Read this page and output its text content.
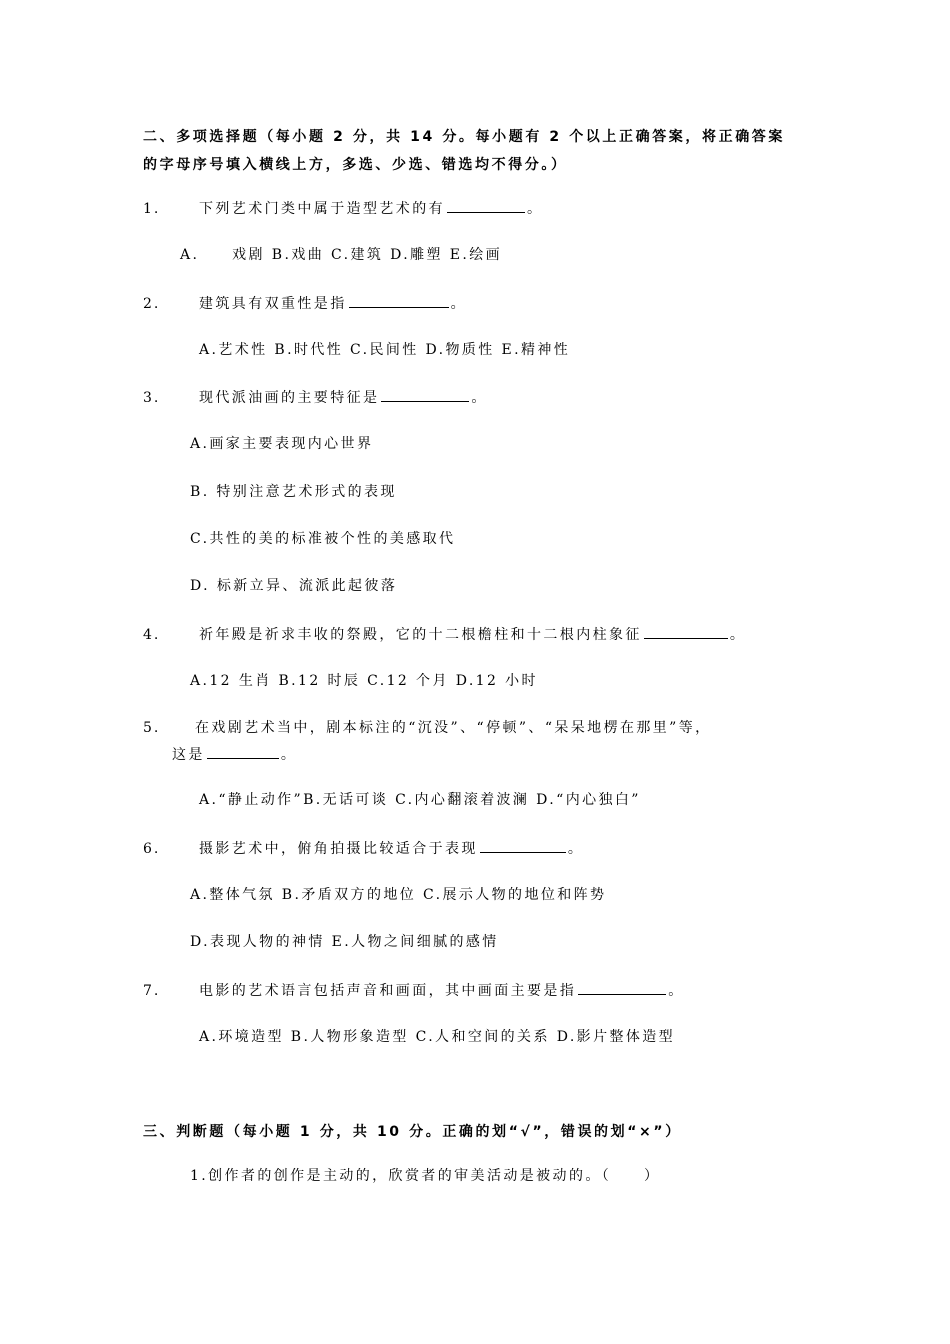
二、多项选择题（每小题 2 分，共 14 分。每小题有 2 个以上正确答案，将正确答案
的字母序号填入横线上方，多选、少选、错选均不得分。）
1.	下列艺术门类中属于造型艺术的有	。
A.　　戏剧 B.戏曲 C.建筑 D.雕塑 E.绘画
2.	建筑具有双重性是指	。
A.艺术性 B.时代性 C.民间性 D.物质性 E.精神性
3.	现代派油画的主要特征是	。
A.画家主要表现内心世界
B. 特别注意艺术形式的表现
C.共性的美的标准被个性的美感取代
D. 标新立异、流派此起彼落
4.	祈年殿是祈求丰收的祭殿，它的十二根檐柱和十二根内柱象征	。
A.12 生肖 B.12 时辰 C.12 个月 D.12 小时
5. 在戏剧艺术当中，剧本标注的“沉没”、“停顿”、“呆呆地楞在那里”等，
这是	。
A.“静止动作”B.无话可谈 C.内心翻滚着波澜 D.“内心独白”
6.	摄影艺术中，俯角拍摄比较适合于表现	。
A.整体气氛 B.矛盾双方的地位 C.展示人物的地位和阵势
D.表现人物的神情 E.人物之间细腻的感情
7.	电影的艺术语言包括声音和画面，其中画面主要是指	。
A.环境造型 B.人物形象造型 C.人和空间的关系 D.影片整体造型
三、判断题（每小题 1 分，共 10 分。正确的划“√”，错误的划“×”）
1.创作者的创作是主动的，欣赏者的审美活动是被动的。（　　）
